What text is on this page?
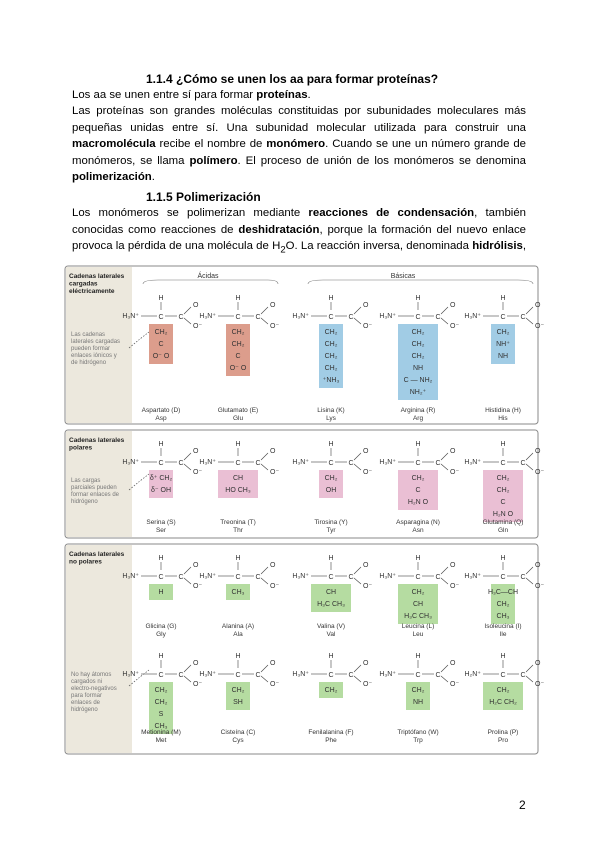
1.1.4 ¿Cómo se unen los aa para formar proteínas?
Los aa se unen entre sí para formar proteínas.
Las proteínas son grandes moléculas constituidas por subunidades moleculares más pequeñas unidas entre sí. Una subunidad molecular utilizada para construir una macromolécula recibe el nombre de monómero. Cuando se une un número grande de monómeros, se llama polímero. El proceso de unión de los monómeros se denomina polimerización.
1.1.5 Polimerización
Los monómeros se polimerizan mediante reacciones de condensación, también conocidas como reacciones de deshidratación, porque la formación del nuevo enlace provoca la pérdida de una molécula de $H_2O$. La reacción inversa, denominada hidrólisis,
Cadenas laterales
cargadas
eléctricamente
Las cadenas
laterales cargadas
pueden formar
enlaces iónicos y
de hidrógeno
Ácidas	Básicas
H
H₃N⁺	C C
O
O⁻
CH₂
C
O⁻ O
Aspartato (D)
Asp
H
H₃N⁺	C C
O
O⁻
CH₂
CH₂
C
O⁻ O
Glutamato (E)
Glu
H
H₃N⁺	C C
O
O⁻
CH₂
CH₂
CH₂
CH₂
⁺NH₃
Lisina (K)
Lys
H
H₃N⁺	C C
O
O⁻
CH₂
CH₂
CH₂
NH
C — NH₂
NH₂⁺
Arginina (R)
Arg
H
H₃N⁺	C C
O
O⁻
CH₂
NH⁺
NH
Histidina (H)
His
Cadenas laterales
polares
Las cargas
parciales pueden
formar enlaces de
hidrógeno
H
H₃N⁺	C C
O
O⁻
δ⁺ CH₂
δ⁻ OH
Serina (S)
Ser
H
H₃N⁺	C C
O
O⁻
CH
HO CH₃
Treonina (T)
Thr
H
H₃N⁺	C C
O
O⁻
CH₂
OH
Tirosina (Y)
Tyr
H
H₃N⁺	C C
O
O⁻
CH₂
C
H₂N O
Asparagina (N)
Asn
H
H₃N⁺	C C
O
O⁻
CH₂
CH₂
C
H₂N O
Glutamina (Q)
Gln
Cadenas laterales
no polares
No hay átomos
cargados ni
electro-negativos
para formar
enlaces de
hidrógeno
H
H₃N⁺	C C
O
O⁻
H
Glicina (G)
Gly
H
H₃N⁺	C C
O
O⁻
CH₃
Alanina (A)
Ala
H
H₃N⁺	C C
O
O⁻
CH
H₃C CH₃
Valina (V)
Val
H
H₃N⁺	C C
O
O⁻
CH₂
CH
H₃C CH₃
Leucina (L)
Leu
H
H₃N⁺	C C
O
O⁻
H₃C—CH
CH₂
CH₃
Isoleucina (I)
Ile
H
H₃N⁺	C C
O
O⁻
CH₂
CH₂
S
CH₃
Metionina (M)
Met
H
H₃N⁺	C C
O
O⁻
CH₂
SH
Cisteína (C)
Cys
H
H₃N⁺	C C
O
O⁻
CH₂
Fenilalanina (F)
Phe
H
H₃N⁺	C C
O
O⁻
CH₂
NH
Triptófano (W)
Trp
H
H₂N⁺	C C
O
O⁻
CH₂
H₂C CH₂
Prolina (P)
Pro
2
